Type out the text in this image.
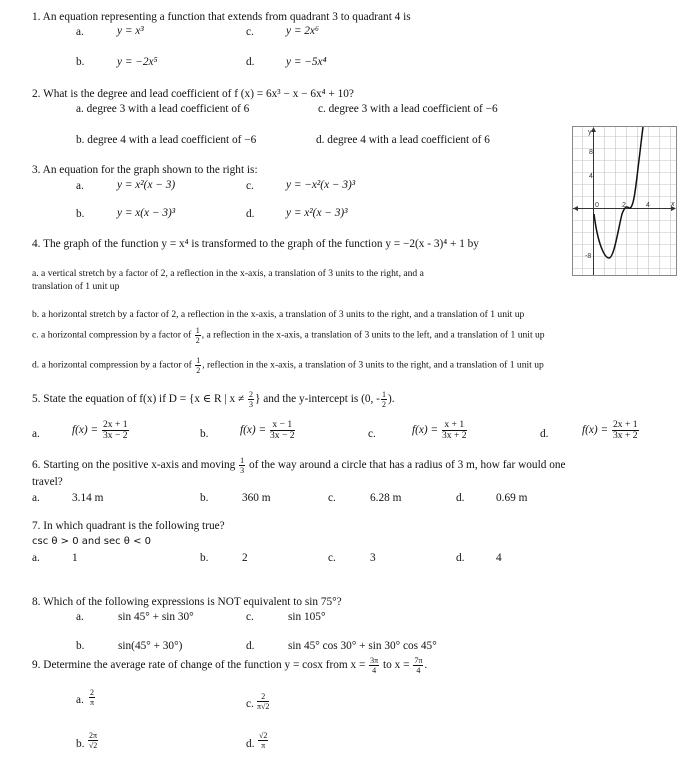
1. An equation representing a function that extends from quadrant 3 to quadrant 4 is
a.	y = x³	c.	y = 2x⁶
b.	y = −2x⁵	d.	y = −5x⁴
2. What is the degree and lead coefficient of f (x) = 6x³ − x − 6x⁴ + 10?
a. degree 3 with a lead coefficient of 6	c. degree 3 with a lead coefficient of −6
b. degree 4 with a lead coefficient of −6	d. degree 4 with a lead coefficient of 6
3. An equation for the graph shown to the right is:
a.	y = x²(x − 3)	c.	y = −x²(x − 3)³
b.	y = x(x − 3)³	d.	y = x²(x − 3)³
y
x
8
4
-8
0	2	4
4. The graph of the function y = x⁴ is transformed to the graph of the function y = −2(x - 3)⁴ + 1 by
a. a vertical stretch by a factor of 2, a reflection in the x-axis, a translation of 3 units to the right, and a
translation of 1 unit up
b. a horizontal stretch by a factor of 2, a reflection in the x-axis, a translation of 3 units to the right, and a translation of 1 unit up
c. a horizontal compression by a factor of $\frac{1}{2}$ , a reflection in the x-axis, a translation of 3 units to the left, and a translation of 1 unit up
d. a horizontal compression by a factor of $\frac{1}{2}$ , reflection in the x-axis, a translation of 3 units to the right, and a translation of 1 unit up
5. State the equation of f(x) if D = {x ∈ R | $x \ne \frac{2}{3}$ } and the y-intercept is (0, - $\frac{1}{2}$ ).
a.	$f(x) = \frac{2x + 1}{3x - 2}$	b.	$f(x) = \frac{x - 1}{3x - 2}$	c.	$f(x) = \frac{x + 1}{3x + 2}$	d.	$f(x) = \frac{2x + 1}{3x + 2}$
6. Starting on the positive x-axis and moving $\frac{1}{3}$ of the way around a circle that has a radius of 3 m, how far would one
travel?
a.	3.14 m	b.	360 m	c.	6.28 m	d.	0.69 m
7. In which quadrant is the following true?
csc θ > 0 and sec θ < 0
a.	1	b.	2	c.	3	d.	4
8. Which of the following expressions is NOT equivalent to sin 75°?
a.	sin 45° + sin 30°	c.	sin 105°
b.	sin(45° + 30°)	d.	sin 45° cos 30° + sin 30° cos 45°
9. Determine the average rate of change of the function y = cosx from $x = \frac{3\pi}{4}$ to $x = \frac{7\pi}{4}$ .
a. $\frac{2}{\pi}$	c. $\frac{2}{\pi√2}$
b. $\frac{2\pi}{√2}$	d. $\frac{√2}{\pi}$
